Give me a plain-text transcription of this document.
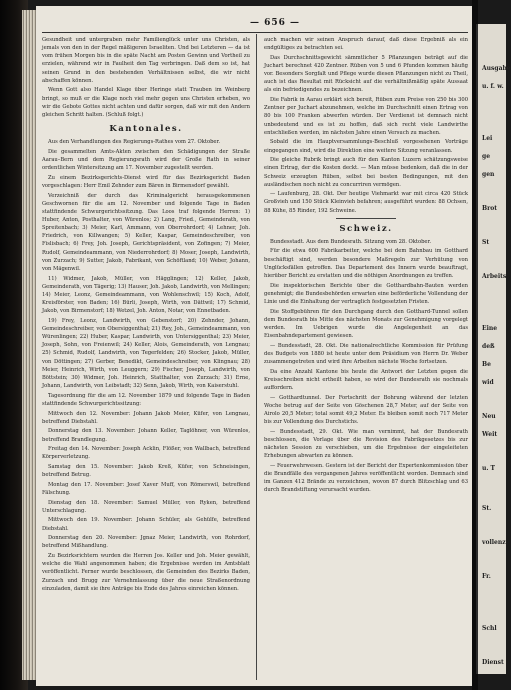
— 656 —

Gesundheit und untergraben mehr Familienglück unter uns Christen, als jemals von den in der Regel mäßigeren Israeliten. Und bei Letzteren — da ist vom frühen Morgen bis in die späte Nacht am Posten Gewinn und Vortheil zu erzielen, während wir in Faulheit den Tag verbringen. Daß dem so ist, hat seinen Grund in den bestehenden Verhältnissen selbst, die wir nicht abschaffen können.

Wenn Gott also Handel Klage über Heringe statt Trauben im Weinberg bringt, so muß er die Klage noch viel mehr gegen uns Christen erheben, wo wir die Gebote Gottes nicht achten und dafür sorgen, daß wir mit den Andern gleichen Schritt halten. (Schluß folgt.)

Kantonales.

Aus den Verhandlungen des Regierungs-Rathes vom 27. Oktober.

Die gesammelten Amts-Akten zwischen den Schädigungen der Straße Aarau–Bern und dem Regierungsrath wird der Große Rath in seiner ordentlichen Wintersitzung am 17. November zugestellt werden.

Zu einem Bezirksgerichts-Dienst wird für das Bezirksgericht Baden vorgeschlagen: Herr Emil Zehnder zum Bären in Birmensdorf gewählt.

Verzeichniß der durch das Kriminalgericht herausgekommenen Geschwornen für die am 12. November und folgende Tage in Baden stattfindende Schwurgerichtssitzung. Das Loos traf folgende Herren: 1) Huber, Anton, Posthalter, von Würenlos; 2) Lang, Fried., Gemeinderath, von Spreitenbach; 3) Meier, Karl, Ammann, von Oberrohrdorf; 4) Lehner, Joh. Friedrich, von Killwangen; 5) Keller, Kaspar, Gemeindeschreiber, von Fislisbach; 6) Frey, Joh. Joseph, Gerichtspräsident, von Zofingen; 7) Meier, Rudolf, Gemeindeammann, von Niederrohrdorf; 8) Moser, Joseph, Landwirth, von Zurzach; 9) Sutter, Jakob, Fabrikant, von Schöftland; 10) Weber, Johann, von Mägenwil.

11) Widmer, Jakob, Müller, von Hägglingen; 12) Keller, Jakob, Gemeinderath, von Tägerig; 13) Hauser, Joh. Jakob, Landwirth, von Mellingen; 14) Meier, Leonz, Gemeindeammann, von Wohlenschwil; 15) Koch, Adolf, Kreisförster, von Baden; 16) Bürli, Joseph, Wirth, von Dättwil; 17) Schmid, Jakob, von Birmenstorf; 18) Wetzel, Joh. Anton, Notar, von Ennetbaden.

19) Frey, Leonz, Landwirth, von Gebenstorf; 20) Zehnder, Johann, Gemeindeschreiber, von Obersiggenthal; 21) Rey, Joh., Gemeindeammann, von Würenlingen; 22) Huber, Kaspar, Landwirth, von Untersiggenthal; 23) Meier, Joseph, Sohn, von Freienwil; 24) Keller, Alois, Gemeinderath, von Lengnau; 25) Schmid, Rudolf, Landwirth, von Tegerfelden; 26) Stocker, Jakob, Müller, von Döttingen; 27) Gerber, Benedikt, Gemeindeschreiber, von Klingnau; 28) Meier, Heinrich, Wirth, von Leuggern; 29) Fischer, Joseph, Landwirth, von Böttstein; 30) Widmer, Joh. Heinrich, Statthalter, von Zurzach; 31) Erne, Johann, Landwirth, von Leibstadt; 32) Senn, Jakob, Wirth, von Kaiserstuhl.

Tagesordnung für die am 12. November 1879 und folgende Tage in Baden stattfindende Schwurgerichtssitzung:

Mittwoch den 12. November: Johann Jakob Meier, Küfer, von Lengnau, betreffend Diebstahl.

Donnerstag den 13. November: Johann Keller, Taglöhner, von Würenlos, betreffend Brandlegung.

Freitag den 14. November: Joseph Acklin, Flößer, von Wallbach, betreffend Körperverletzung.

Samstag den 15. November: Jakob Kreß, Küfer, von Schneisingen, betreffend Betrug.

Montag den 17. November: Josef Xaver Muff, von Römerswil, betreffend Fälschung.

Dienstag den 18. November: Samuel Müller, von Ryken, betreffend Unterschlagung.

Mittwoch den 19. November: Johann Schüler, als Gehülfe, betreffend Diebstahl.

Donnerstag den 20. November: Jgnaz Meier, Landwirth, von Rohrdorf, betreffend Mißhandlung.

Zu Bezirksrichtern wurden die Herren Jos. Keller und Joh. Meier gewählt, welche die Wahl angenommen haben; die Ergebnisse werden im Amtsblatt veröffentlicht. Ferner wurde beschlossen, die Gemeinden des Bezirks Baden, Zurzach und Brugg zur Vernehmlassung über die neue Straßenordnung einzuladen, damit sie ihre Anträge bis Ende des Jahres einreichen können.

auch machen wir seinen Anspruch darauf, daß diese Ergebniß als ein endgültiges zu betrachten sei.

Das Durchschnittsgewicht sämmtlicher 5 Pflanzungen beträgt auf die Juchart berechnet 420 Zentner. Rüben von 5 und 6 Pfunden kommen häufig vor. Besonders Sorgfalt und Pflege wurde diesen Pflanzungen nicht zu Theil, auch ist das Resultat mit Rücksicht auf die verhältnißmäßig späte Aussaat als ein befriedigendes zu bezeichnen.

Die Fabrik in Aarau erklärt sich bereit, Rüben zum Preise von 250 bis 300 Zentner per Juchart abzunehmen, welche im Durchschnitt einen Ertrag von 80 bis 100 Franken abwerfen würden. Der Verdienst ist demnach nicht unbedeutend und es ist zu hoffen, daß sich recht viele Landwirthe entschließen werden, im nächsten Jahre einen Versuch zu machen.

Sobald die im Hauptversammlungs-Beschluß vorgesehenen Vorträge eingegangen sind, wird die Direktion eine weitere Sitzung veranlassen.

Die gleiche Rubrik bringt auch für den Kanton Luzern schätzungsweise einen Ertrag, der die Kosten deckt. — Man müsse bedenken, daß die in der Schweiz erzeugten Rüben, selbst bei besten Bedingungen, mit den ausländischen noch nicht zu concurriren vermögen.

— Laufenburg, 28. Okt. Der heutige Viehmarkt war mit circa 420 Stück Großvieh und 150 Stück Kleinvieh befahren; ausgeführt wurden: 88 Ochsen, 88 Kühe, 85 Rinder, 192 Schweine.

Schweiz.

Bundesstadt. Aus dem Bundesrath. Sitzung vom 28. Oktober.

Für die etwa 600 Fabrikarbeiter, welche bei dem Bahnbau im Gotthard beschäftigt sind, werden besondere Maßregeln zur Verhütung von Unglücksfällen getroffen. Das Departement des Innern wurde beauftragt, hierüber Bericht zu erstatten und die nöthigen Anordnungen zu treffen.

Die inspektorischen Berichte über die Gotthardbahn-Bauten werden genehmigt; die Bundesbehörden erwarten eine beförderliche Vollendung der Linie und die Einhaltung der vertraglich festgesetzten Fristen.

Die Stoffgebühren für den Durchgang durch den Gotthard-Tunnel sollen dem Bundesrath bis Mitte des nächsten Monats zur Genehmigung vorgelegt werden. Im Uebrigen wurde die Angelegenheit an das Eisenbahndepartement gewiesen.

— Bundesstadt, 28. Okt. Die nationalrechtliche Kommission für Prüfung des Budgets von 1880 ist heute unter dem Präsidium von Herrn Dr. Weber zusammengetreten und wird ihre Arbeiten nächste Woche fortsetzen.

Da eine Anzahl Kantone bis heute die Antwort der Letzten gegen die Kreisschreiben nicht ertheilt haben, so wird der Bundesrath sie nochmals auffordern.

— Gotthardtunnel. Der Fortschritt der Bohrung während der letzten Woche betrug auf der Seite von Göschenen 28,7 Meter, auf der Seite von Airolo 20,5 Meter; total somit 49,2 Meter. Es bleiben somit noch 717 Meter bis zur Vollendung des Durchstichs.

— Bundesstadt, 29. Okt. Wie man vernimmt, hat der Bundesrath beschlossen, die Vorlage über die Revision des Fabrikgesetzes bis zur nächsten Session zu verschieben, um die Ergebnisse der eingeleiteten Erhebungen abwarten zu können.

— Feuerwehrwesen. Gestern ist der Bericht der Expertenkommission über die Brandfälle des vergangenen Jahres veröffentlicht worden. Demnach sind im Ganzen 412 Brände zu verzeichnen, wovon 87 durch Blitzschlag und 63 durch Brandstiftung verursacht wurden.

Ausgabe
u. f. w.
Lei
ge
gen
Brot
St
Arbeits
Eine
deß
Be
wid
Neu
Weit
u. T
St.
vollenz
Fr.
Schl
Dienst
